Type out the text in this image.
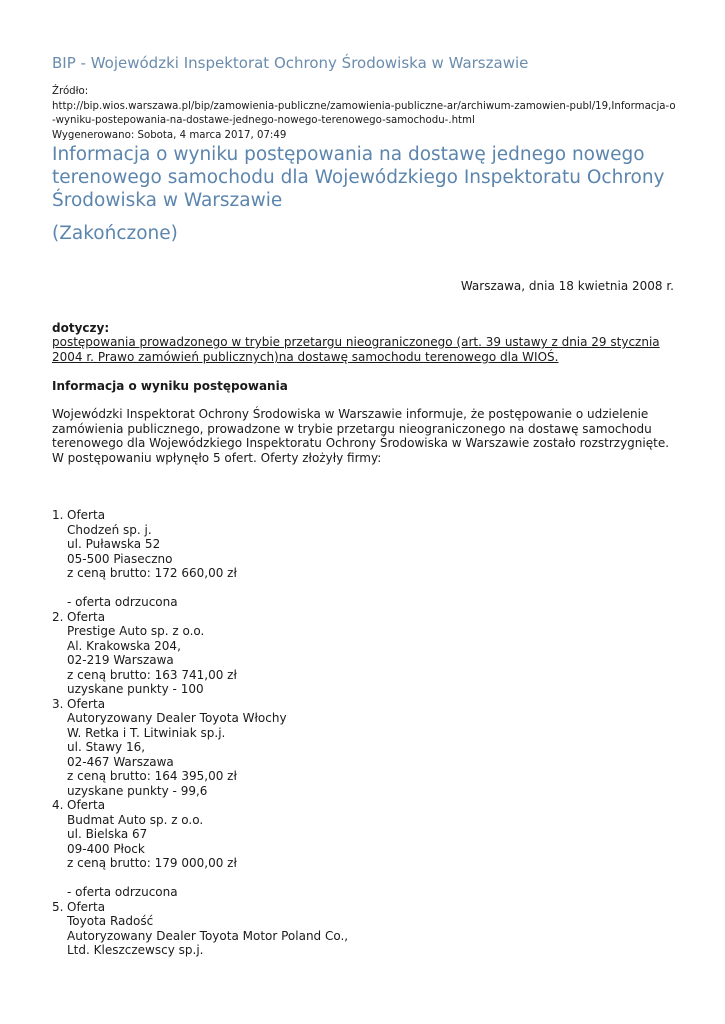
BIP - Wojewódzki Inspektorat Ochrony Środowiska w Warszawie
Źródło:
http://bip.wios.warszawa.pl/bip/zamowienia-publiczne/zamowienia-publiczne-ar/archiwum-zamowien-publ/19,Informacja-o-wyniku-postepowania-na-dostawe-jednego-nowego-terenowego-samochodu-.html
Wygenerowano: Sobota, 4 marca 2017, 07:49
Informacja o wyniku postępowania na dostawę jednego nowego terenowego samochodu dla Wojewódzkiego Inspektoratu Ochrony Środowiska w Warszawie
(Zakończone)
Warszawa, dnia 18 kwietnia 2008 r.
dotyczy:
postępowania prowadzonego w trybie przetargu nieograniczonego (art. 39 ustawy z dnia 29 stycznia 2004 r. Prawo zamówień publicznych)na dostawę samochodu terenowego dla WIOŚ.
Informacja o wyniku postępowania
Wojewódzki Inspektorat Ochrony Środowiska w Warszawie informuje, że postępowanie o udzielenie zamówienia publicznego, prowadzone w trybie przetargu nieograniczonego na dostawę samochodu terenowego dla Wojewódzkiego Inspektoratu Ochrony Środowiska w Warszawie zostało rozstrzygnięte. W postępowaniu wpłynęło 5 ofert. Oferty złożyły firmy:
1. Oferta
Chodzeń sp. j.
ul. Puławska 52
05-500 Piaseczno
z ceną brutto: 172 660,00 zł
- oferta odrzucona
2. Oferta
Prestige Auto sp. z o.o.
Al. Krakowska 204,
02-219 Warszawa
z ceną brutto: 163 741,00 zł
uzyskane punkty - 100
3. Oferta
Autoryzowany Dealer Toyota Włochy
W. Retka i T. Litwiniak sp.j.
ul. Stawy 16,
02-467 Warszawa
z ceną brutto: 164 395,00 zł
uzyskane punkty - 99,6
4. Oferta
Budmat Auto sp. z o.o.
ul. Bielska 67
09-400 Płock
z ceną brutto: 179 000,00 zł
- oferta odrzucona
5. Oferta
Toyota Radość
Autoryzowany Dealer Toyota Motor Poland Co.,
Ltd. Kleszczewscy sp.j.
